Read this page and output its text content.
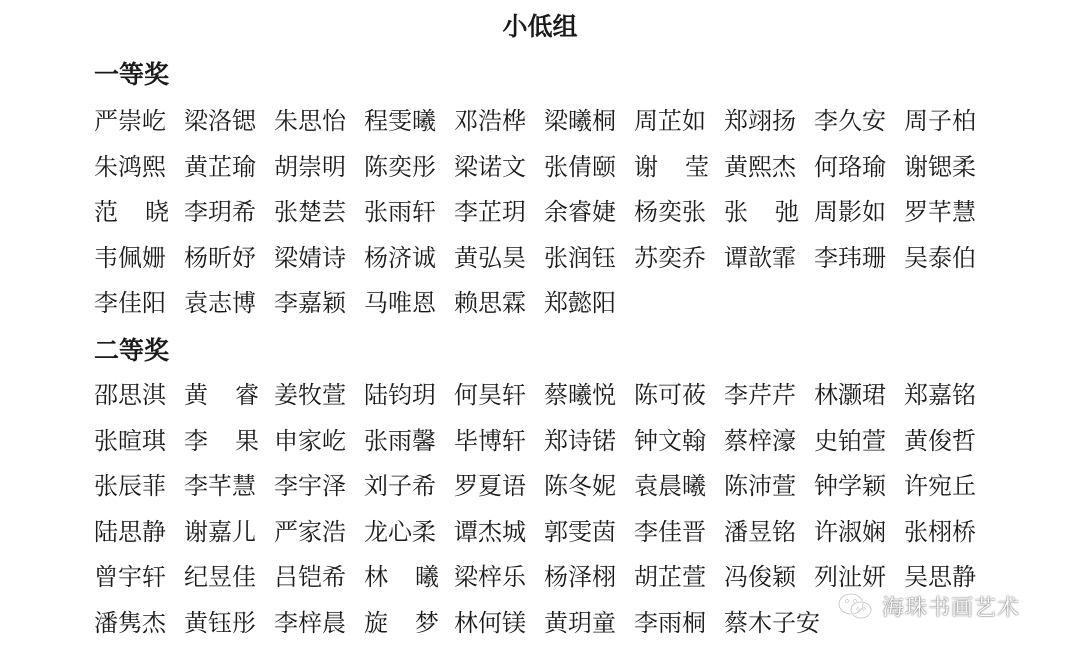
小低组
一等奖
严崇屹 梁洛锶 朱思怡 程雯曦 邓浩桦 梁曦桐 周芷如 郑翊扬 李久安 周子柏
朱鸿熙 黄芷瑜 胡崇明 陈奕彤 梁诺文 张倩颐 谢 莹 黄熙杰 何珞瑜 谢锶柔
范 晓 李玥希 张楚芸 张雨轩 李芷玥 余睿婕 杨奕张 张 弛 周影如 罗芊慧
韦佩姗 杨昕妤 梁婧诗 杨济诚 黄弘昊 张润钰 苏奕乔 谭歆霏 李玮珊 吴泰伯
李佳阳 袁志博 李嘉颖 马唯恩 赖思霖 郑懿阳
二等奖
邵思淇 黄 睿 姜牧萱 陆钧玥 何昊轩 蔡曦悦 陈可莜 李芹芹 林灏珺 郑嘉铭
张暄琪 李 果 申家屹 张雨馨 毕博轩 郑诗锘 钟文翰 蔡梓濠 史铂萱 黄俊哲
张辰菲 李芊慧 李宇泽 刘子希 罗夏语 陈冬妮 袁晨曦 陈沛萱 钟学颖 许宛丘
陆思静 谢嘉儿 严家浩 龙心柔 谭杰城 郭雯茵 李佳晋 潘昱铭 许淑娴 张栩桥
曾宇轩 纪昱佳 吕铠希 林 曦 梁梓乐 杨泽栩 胡芷萱 冯俊颖 列沚妍 吴思静
潘隽杰 黄钰彤 李梓晨 旋 梦 林何镁 黄玥童 李雨桐 蔡木子安
海珠书画艺术
